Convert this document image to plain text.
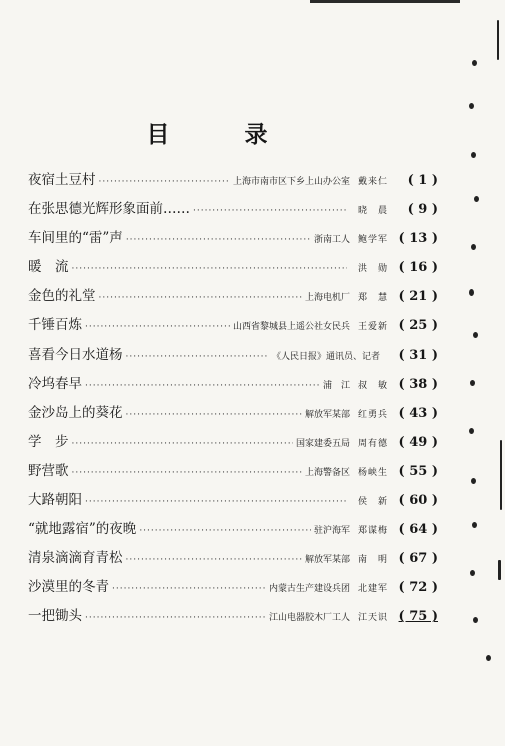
目　录
夜宿土豆村 ·····	上海市南市区下乡上山办公室 戴来仁	( 1 )
在张思德光辉形象面前…… ·····	晓　晨	( 9 )
车间里的“雷”声 ·····	浙南工人 鲍学军 ( 13 )
暖　流 ·····	洪　勋 ( 16 )
金色的礼堂 ·····	上海电机厂 郑　慧 ( 21 )
千锤百炼 ·····	山西省黎城县上遥公社女民兵 王爱新 ( 25 )
喜看今日水道杨 ·····	《人民日报》通讯员、记者	( 31 )
冷坞春早 ·····	浦　江 叔　敏 ( 38 )
金沙岛上的葵花 ·····	解放军某部 红勇兵 ( 43 )
学　步 ·····	国家建委五局 周有德 ( 49 )
野营歌 ·····	上海警备区 杨峡生 ( 55 )
大路朝阳 ·····	侯　新 ( 60 )
“就地露宿”的夜晚 ·····	驻沪海军 郑谋梅 ( 64 )
清泉滴滴育青松 ·····	解放军某部 南　明 ( 67 )
沙漠里的冬青 ·····	内蒙古生产建设兵团 北建军 ( 72 )
一把锄头 ·····	江山电器胶木厂工人 江天识 ( 75 )
